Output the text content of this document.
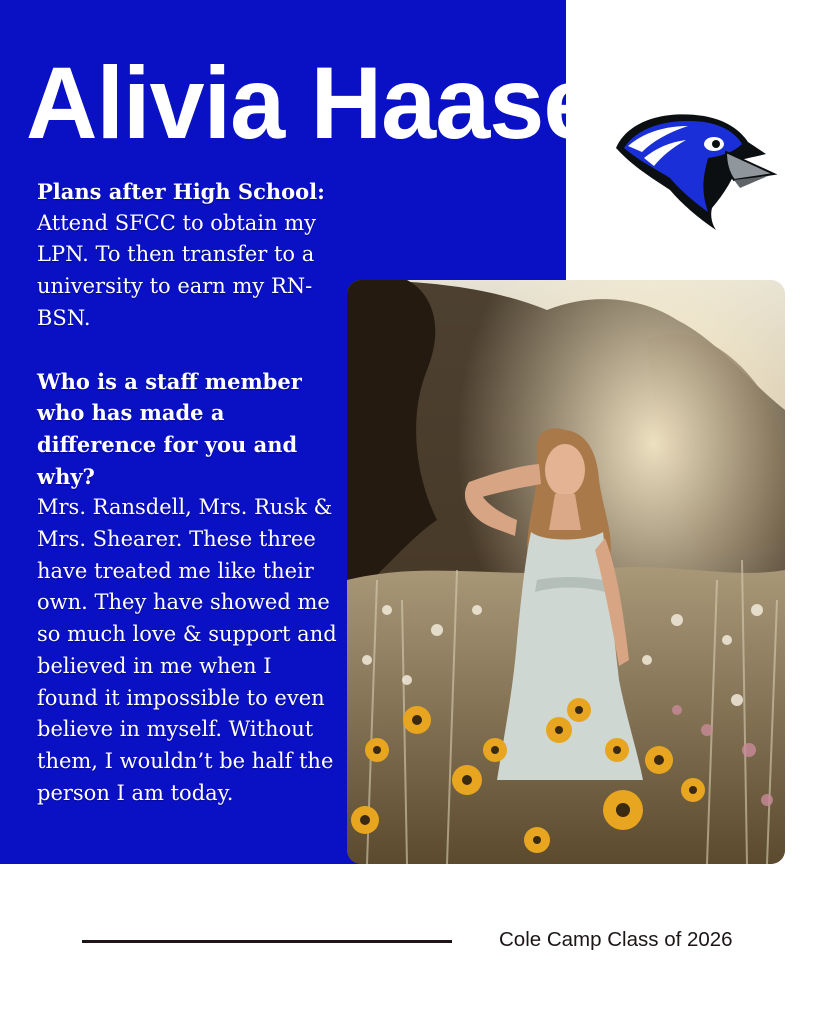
Alivia Haase
Plans after High School:
Attend SFCC to obtain my LPN. To then transfer to a university to earn my RN-BSN.
Who is a staff member who has made a difference for you and why?
Mrs. Ransdell, Mrs. Rusk & Mrs. Shearer. These three have treated me like their own. They have showed me so much love & support and believed in me when I found it impossible to even believe in myself. Without them, I wouldn’t be half the person I am today.
Cole Camp Class of 2026
